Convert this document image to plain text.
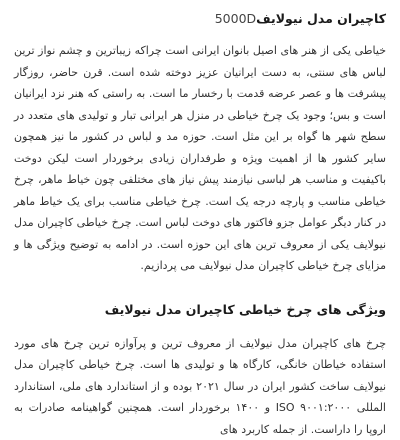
کاچیران مدل نیولایف5000D

خیاطی یکی از هنر های اصیل بانوان ایرانی است چراکه زیباترین و چشم نواز ترین لباس های سنتی، به دست ایرانیان عزیز دوخته شده است. قرن حاضر، روزگار پیشرفت ها و عصر عرضه قدمت با رخسار ما است. به راستی که هنر نزد ایرانیان است و بس؛ وجود یک چرخ خیاطی در منزل هر ایرانی تبار و تولیدی های متعدد در سطح شهر ها گواه بر این مثل است. حوزه مد و لباس در کشور ما نیز همچون سایر کشور ها از اهمیت ویژه و طرفداران زیادی برخوردار است لیکن دوخت باکیفیت و مناسب هر لباسی نیازمند پیش نیاز های مختلفی چون خیاط ماهر، چرخ خیاطی مناسب و پارچه درجه یک است. چرخ خیاطی مناسب برای یک خیاط ماهر در کنار دیگر عوامل جزو فاکتور های دوخت لباس است. چرخ خیاطی کاچیران مدل نیولایف یکی از معروف ترین های این حوزه است. در ادامه به توضیح ویژگی ها و مزایای چرخ خیاطی کاچیران مدل نیولایف می پردازیم.

ویژگی های چرخ خیاطی کاچیران مدل نیولایف

چرخ های کاچیران مدل نیولایف از معروف ترین و پرآوازه ترین چرخ های مورد استفاده خیاطان خانگی، کارگاه ها و تولیدی ها است. چرخ خیاطی کاچیران مدل نیولایف ساخت کشور ایران در سال ۲۰۲۱ بوده و از استاندارد های ملی، استاندارد المللی ISO ۹۰۰۱:۲۰۰۰ و ۱۴۰۰ برخوردار است. همچنین گواهینامه صادرات به اروپا را داراست. از جمله کاربرد های
